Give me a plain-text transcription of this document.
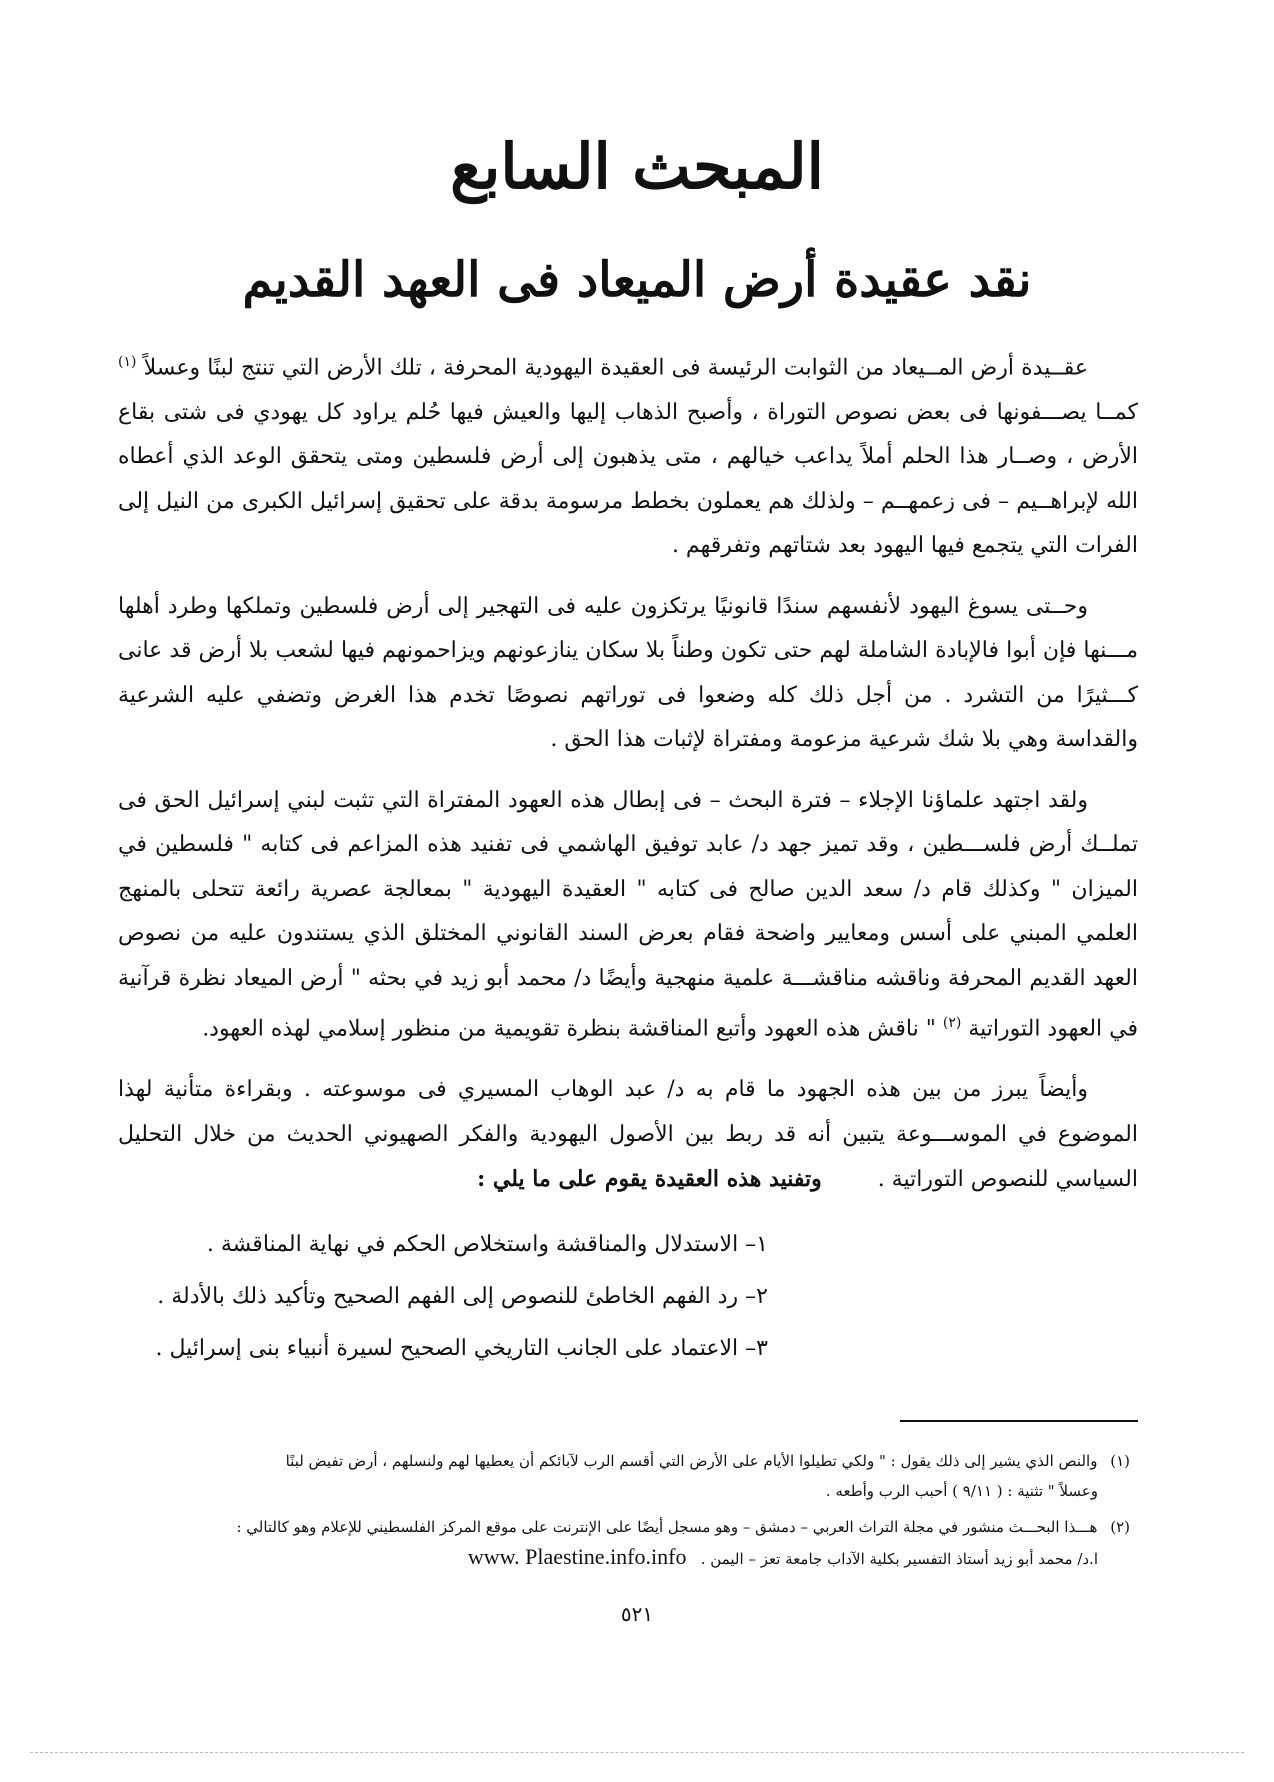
المبحث السابع
نقد عقيدة أرض الميعاد فى العهد القديم

عقــيدة أرض المــيعاد من الثوابت الرئيسة فى العقيدة اليهودية المحرفة ، تلك الأرض التي تنتج لبنًا وعسلاً $^{(١)}$ كمــا يصـــفونها فى بعض نصوص التوراة ، وأصبح الذهاب إليها والعيش فيها حُلم يراود كل يهودي فى شتى بقاع الأرض ، وصــار هذا الحلم أملاً يداعب خيالهم ، متى يذهبون إلى أرض فلسطين ومتى يتحقق الوعد الذي أعطاه الله لإبراهــيم – فى زعمهــم – ولذلك هم يعملون بخطط مرسومة بدقة على تحقيق إسرائيل الكبرى من النيل إلى الفرات التي يتجمع فيها اليهود بعد شتاتهم وتفرقهم .

وحــتى يسوغ اليهود لأنفسهم سندًا قانونيًا يرتكزون عليه فى التهجير إلى أرض فلسطين وتملكها وطرد أهلها مـــنها فإن أبوا فالإبادة الشاملة لهم حتى تكون وطناً بلا سكان ينازعونهم ويزاحمونهم فيها لشعب بلا أرض قد عانى كـــثيرًا من التشرد . من أجل ذلك كله وضعوا فى توراتهم نصوصًا تخدم هذا الغرض وتضفي عليه الشرعية والقداسة وهي بلا شك شرعية مزعومة ومفتراة لإثبات هذا الحق .

ولقد اجتهد علماؤنا الإجلاء – فترة البحث – فى إبطال هذه العهود المفتراة التي تثبت لبني إسرائيل الحق فى تملــك أرض فلســـطين ، وقد تميز جهد د/ عابد توفيق الهاشمي فى تفنيد هذه المزاعم فى كتابه " فلسطين في الميزان " وكذلك قام د/ سعد الدين صالح فى كتابه " العقيدة اليهودية " بمعالجة عصرية رائعة تتحلى بالمنهج العلمي المبني على أسس ومعايير واضحة فقام بعرض السند القانوني المختلق الذي يستندون عليه من نصوص العهد القديم المحرفة وناقشه مناقشـــة علمية منهجية وأيضًا د/ محمد أبو زيد في بحثه " أرض الميعاد نظرة قرآنية في العهود التوراتية $^{(٢)}$ " ناقش هذه العهود وأتبع المناقشة بنظرة تقويمية من منظور إسلامي لهذه العهود.

وأيضاً يبرز من بين هذه الجهود ما قام به د/ عبد الوهاب المسيري فى موسوعته . وبقراءة متأنية لهذا الموضوع في الموســـوعة يتبين أنه قد ربط بين الأصول اليهودية والفكر الصهيوني الحديث من خلال التحليل السياسي للنصوص التوراتية .        وتفنيد هذه العقيدة يقوم على ما يلي :

١– الاستدلال والمناقشة واستخلاص الحكم في نهاية المناقشة .

٢– رد الفهم الخاطئ للنصوص إلى الفهم الصحيح وتأكيد ذلك بالأدلة .

٣– الاعتماد على الجانب التاريخي الصحيح لسيرة أنبياء بنى إسرائيل .

(١) والنص الذي يشير إلى ذلك يقول : " ولكي تطيلوا الأيام على الأرض التي أقسم الرب لآبائكم أن يعطيها لهم ولنسلهم ، أرض تفيض لبنًا
وعسلاً " تثنية : ( ٩/١١ ) أحبب الرب وأطعه .
(٢) هـــذا البحـــث منشور في مجلة التراث العربي – دمشق – وهو مسجل أيضًا على الإنترنت على موقع المركز الفلسطيني للإعلام وهو كالتالي :
ا.د/ محمد أبو زيد أستاذ التفسير بكلية الآداب جامعة تعز – اليمن .   www. Plaestine.info.info
٥٢١
